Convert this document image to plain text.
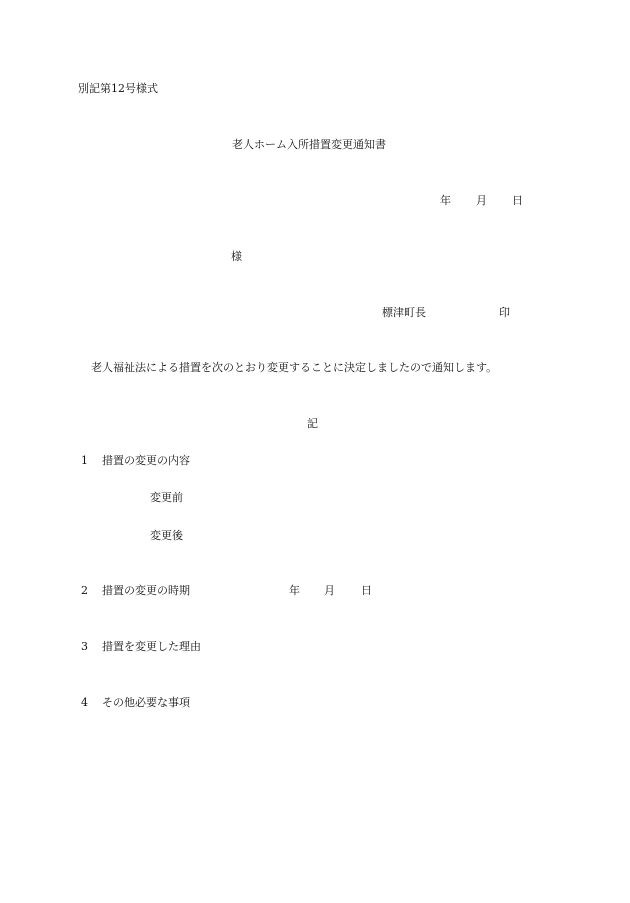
別記第12号様式
老人ホーム入所措置変更通知書
年 月 日
様
標津町長	印
老人福祉法による措置を次のとおり変更することに決定しましたので通知します。
記
1 措置の変更の内容
変更前
変更後
2 措置の変更の時期	年 月 日
3 措置を変更した理由
4 その他必要な事項
